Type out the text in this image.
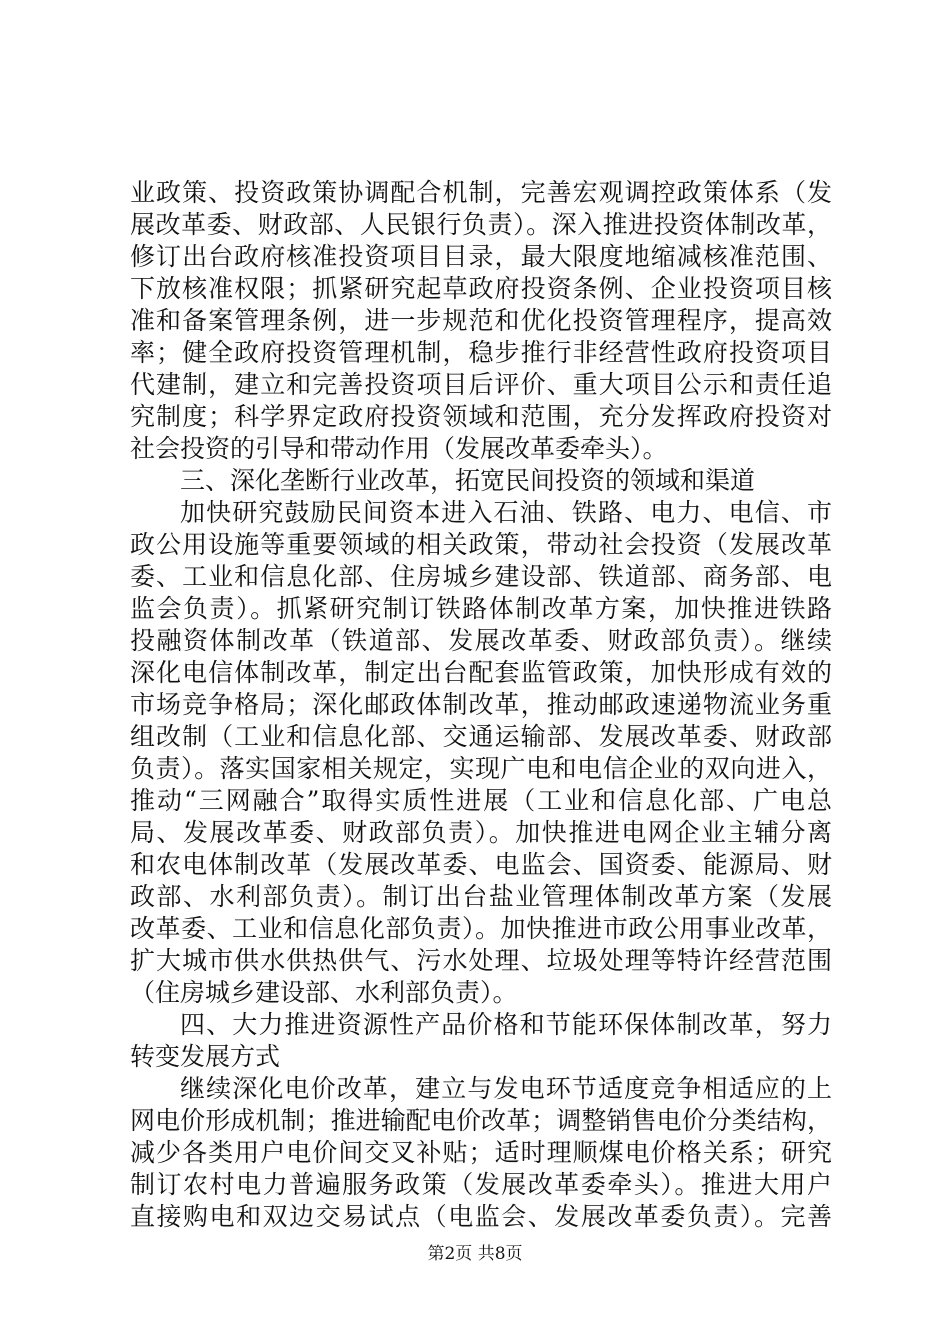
业政策、投资政策协调配合机制，完善宏观调控政策体系（发
展改革委、财政部、人民银行负责）。深入推进投资体制改革，
修订出台政府核准投资项目目录，最大限度地缩减核准范围、
下放核准权限；抓紧研究起草政府投资条例、企业投资项目核
准和备案管理条例，进一步规范和优化投资管理程序，提高效
率；健全政府投资管理机制，稳步推行非经营性政府投资项目
代建制，建立和完善投资项目后评价、重大项目公示和责任追
究制度；科学界定政府投资领域和范围，充分发挥政府投资对
社会投资的引导和带动作用（发展改革委牵头）。
三、深化垄断行业改革，拓宽民间投资的领域和渠道
加快研究鼓励民间资本进入石油、铁路、电力、电信、市
政公用设施等重要领域的相关政策，带动社会投资（发展改革
委、工业和信息化部、住房城乡建设部、铁道部、商务部、电
监会负责）。抓紧研究制订铁路体制改革方案，加快推进铁路
投融资体制改革（铁道部、发展改革委、财政部负责）。继续
深化电信体制改革，制定出台配套监管政策，加快形成有效的
市场竞争格局；深化邮政体制改革，推动邮政速递物流业务重
组改制（工业和信息化部、交通运输部、发展改革委、财政部
负责）。落实国家相关规定，实现广电和电信企业的双向进入，
推动“三网融合”取得实质性进展（工业和信息化部、广电总
局、发展改革委、财政部负责）。加快推进电网企业主辅分离
和农电体制改革（发展改革委、电监会、国资委、能源局、财
政部、水利部负责）。制订出台盐业管理体制改革方案（发展
改革委、工业和信息化部负责）。加快推进市政公用事业改革，
扩大城市供水供热供气、污水处理、垃圾处理等特许经营范围
（住房城乡建设部、水利部负责）。
四、大力推进资源性产品价格和节能环保体制改革，努力
转变发展方式
继续深化电价改革，建立与发电环节适度竞争相适应的上
网电价形成机制；推进输配电价改革；调整销售电价分类结构，
减少各类用户电价间交叉补贴；适时理顺煤电价格关系；研究
制订农村电力普遍服务政策（发展改革委牵头）。推进大用户
直接购电和双边交易试点（电监会、发展改革委负责）。完善
第2页 共8页
